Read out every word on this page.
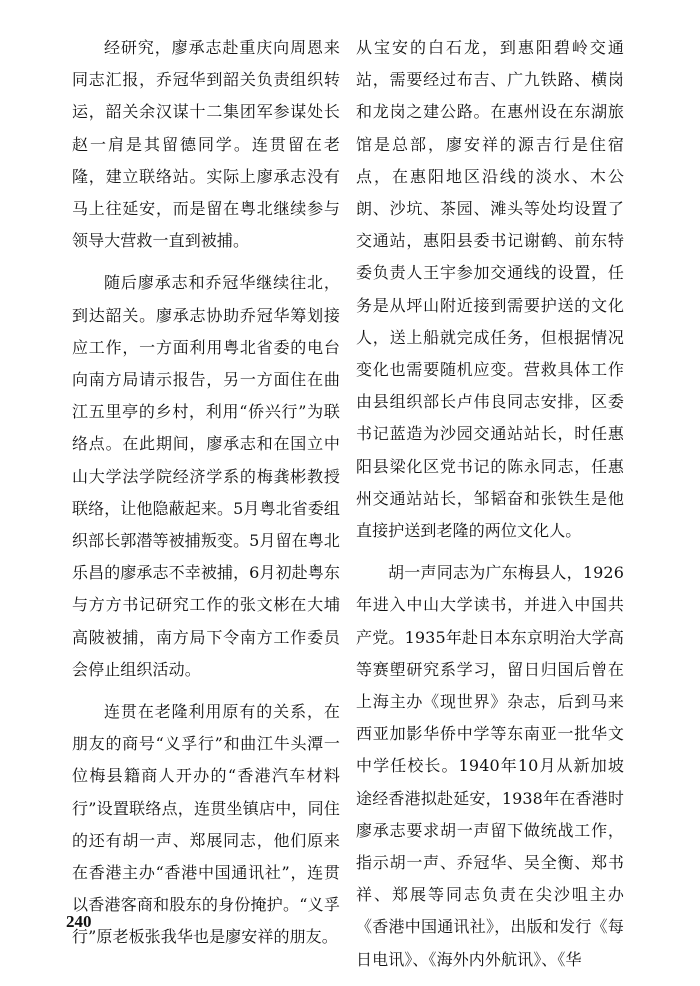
经研究，廖承志赴重庆向周恩来同志汇报，乔冠华到韶关负责组织转运，韶关余汉谋十二集团军参谋处长赵一肩是其留德同学。连贯留在老隆，建立联络站。实际上廖承志没有马上往延安，而是留在粤北继续参与领导大营救一直到被捕。

随后廖承志和乔冠华继续往北，到达韶关。廖承志协助乔冠华筹划接应工作，一方面利用粤北省委的电台向南方局请示报告，另一方面住在曲江五里亭的乡村，利用“侨兴行”为联络点。在此期间，廖承志和在国立中山大学法学院经济学系的梅龚彬教授联络，让他隐蔽起来。5月粤北省委组织部长郭潜等被捕叛变。5月留在粤北乐昌的廖承志不幸被捕，6月初赴粤东与方方书记研究工作的张文彬在大埔高陂被捕，南方局下令南方工作委员会停止组织活动。

连贯在老隆利用原有的关系，在朋友的商号“义孚行”和曲江牛头潭一位梅县籍商人开办的“香港汽车材料行”设置联络点，连贯坐镇店中，同住的还有胡一声、郑展同志，他们原来在香港主办“香港中国通讯社”，连贯以香港客商和股东的身份掩护。“义孚行”原老板张我华也是廖安祥的朋友。

从宝安的白石龙，到惠阳碧岭交通站，需要经过布吉、广九铁路、横岗和龙岗之建公路。在惠州设在东湖旅馆是总部，廖安祥的源吉行是住宿点，在惠阳地区沿线的淡水、木公朗、沙坑、茶园、滩头等处均设置了交通站，惠阳县委书记谢鹤、前东特委负责人王宇参加交通线的设置，任务是从坪山附近接到需要护送的文化人，送上船就完成任务，但根据情况变化也需要随机应变。营救具体工作由县组织部长卢伟良同志安排，区委书记蓝造为沙园交通站站长，时任惠阳县梁化区党书记的陈永同志，任惠州交通站站长，邹韬奋和张铁生是他直接护送到老隆的两位文化人。

胡一声同志为广东梅县人，1926年进入中山大学读书，并进入中国共产党。1935年赴日本东京明治大学高等赛塱研究系学习，留日归国后曾在上海主办《现世界》杂志，后到马来西亚加影华侨中学等东南亚一批华文中学任校长。1940年10月从新加坡途经香港拟赴延安，1938年在香港时廖承志要求胡一声留下做统战工作，指示胡一声、乔冠华、吴全衡、郑书祥、郑展等同志负责在尖沙咀主办《香港中国通讯社》，出版和发行《每日电讯》、《海外内外航讯》、《华

240
